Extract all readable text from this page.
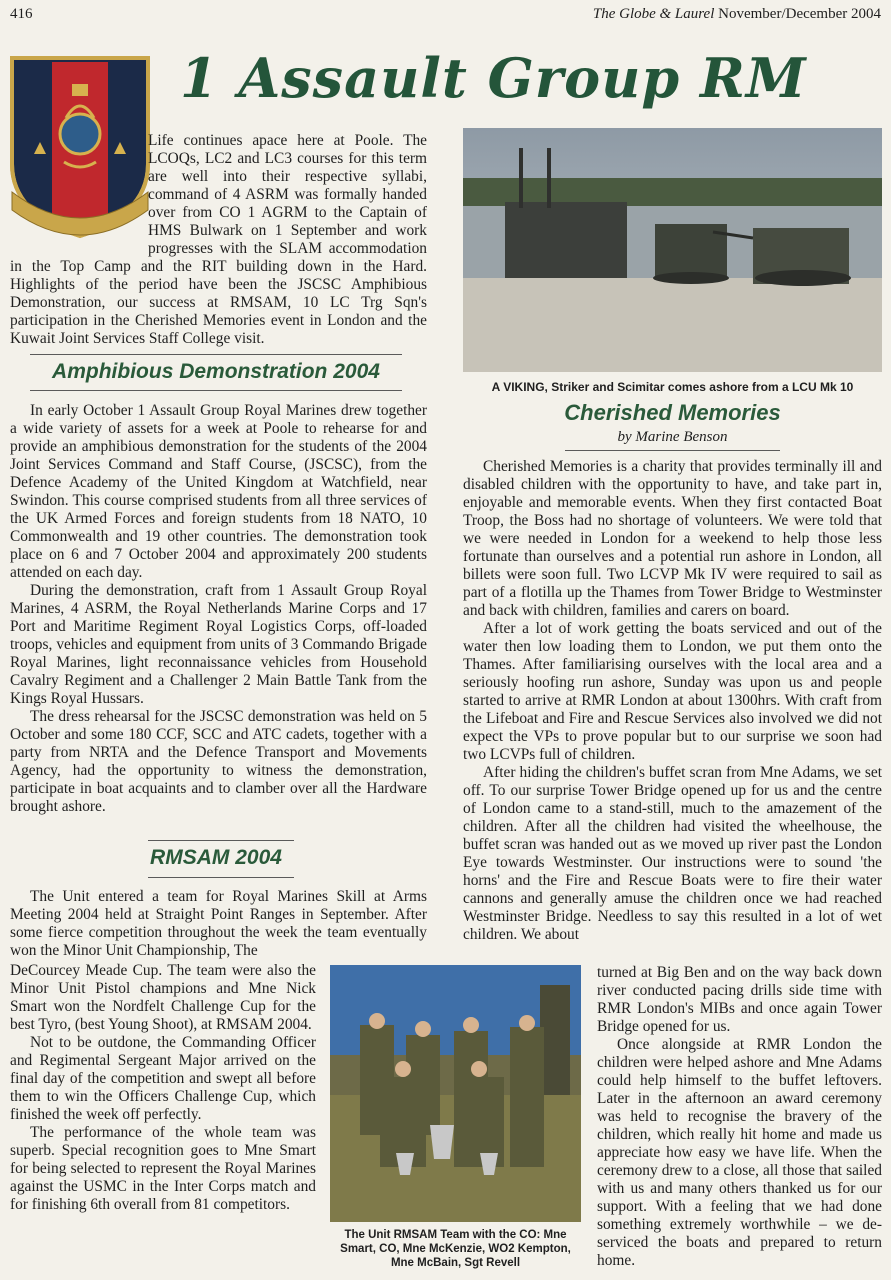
416	The Globe & Laurel November/December 2004
1 Assault Group RM

Life continues apace here at Poole. The LCOQs, LC2 and LC3 courses for this term are well into their respective syllabi, command of 4 ASRM was formally handed over from CO 1 AGRM to the Captain of HMS Bulwark on 1 September and work progresses with the SLAM accommodation in the Top Camp and the RIT building down in the Hard. Highlights of the period have been the JSCSC Amphibious Demonstration, our success at RMSAM, 10 LC Trg Sqn's participation in the Cherished Memories event in London and the Kuwait Joint Services Staff College visit.

Amphibious Demonstration 2004

In early October 1 Assault Group Royal Marines drew together a wide variety of assets for a week at Poole to rehearse for and provide an amphibious demonstration for the students of the 2004 Joint Services Command and Staff Course, (JSCSC), from the Defence Academy of the United Kingdom at Watchfield, near Swindon. This course comprised students from all three services of the UK Armed Forces and foreign students from 18 NATO, 10 Commonwealth and 19 other countries. The demonstration took place on 6 and 7 October 2004 and approximately 200 students attended on each day.

During the demonstration, craft from 1 Assault Group Royal Marines, 4 ASRM, the Royal Netherlands Marine Corps and 17 Port and Maritime Regiment Royal Logistics Corps, off-loaded troops, vehicles and equipment from units of 3 Commando Brigade Royal Marines, light reconnaissance vehicles from Household Cavalry Regiment and a Challenger 2 Main Battle Tank from the Kings Royal Hussars.

The dress rehearsal for the JSCSC demonstration was held on 5 October and some 180 CCF, SCC and ATC cadets, together with a party from NRTA and the Defence Transport and Movements Agency, had the opportunity to witness the demonstration, participate in boat acquaints and to clamber over all the Hardware brought ashore.

RMSAM 2004

The Unit entered a team for Royal Marines Skill at Arms Meeting 2004 held at Straight Point Ranges in September. After some fierce competition throughout the week the team eventually won the Minor Unit Championship, The

DeCourcey Meade Cup. The team were also the Minor Unit Pistol champions and Mne Nick Smart won the Nordfelt Challenge Cup for the best Tyro, (best Young Shoot), at RMSAM 2004.

Not to be outdone, the Commanding Officer and Regimental Sergeant Major arrived on the final day of the competition and swept all before them to win the Officers Challenge Cup, which finished the week off perfectly.

The performance of the whole team was superb. Special recognition goes to Mne Smart for being selected to represent the Royal Marines against the USMC in the Inter Corps match and for finishing 6th overall from 81 competitors.

A VIKING, Striker and Scimitar comes ashore from a LCU Mk 10
Cherished Memories
by Marine Benson

Cherished Memories is a charity that provides terminally ill and disabled children with the opportunity to have, and take part in, enjoyable and memorable events. When they first contacted Boat Troop, the Boss had no shortage of volunteers. We were told that we were needed in London for a weekend to help those less fortunate than ourselves and a potential run ashore in London, all billets were soon full. Two LCVP Mk IV were required to sail as part of a flotilla up the Thames from Tower Bridge to Westminster and back with children, families and carers on board.

After a lot of work getting the boats serviced and out of the water then low loading them to London, we put them onto the Thames. After familiarising ourselves with the local area and a seriously hoofing run ashore, Sunday was upon us and people started to arrive at RMR London at about 1300hrs. With craft from the Lifeboat and Fire and Rescue Services also involved we did not expect the VPs to prove popular but to our surprise we soon had two LCVPs full of children.

After hiding the children's buffet scran from Mne Adams, we set off. To our surprise Tower Bridge opened up for us and the centre of London came to a stand-still, much to the amazement of the children. After all the children had visited the wheelhouse, the buffet scran was handed out as we moved up river past the London Eye towards Westminster. Our instructions were to sound 'the horns' and the Fire and Rescue Boats were to fire their water cannons and generally amuse the children once we had reached Westminster Bridge. Needless to say this resulted in a lot of wet children. We about

turned at Big Ben and on the way back down river conducted pacing drills side time with RMR London's MIBs and once again Tower Bridge opened for us.

Once alongside at RMR London the children were helped ashore and Mne Adams could help himself to the buffet leftovers. Later in the afternoon an award ceremony was held to recognise the bravery of the children, which really hit home and made us appreciate how easy we have life. When the ceremony drew to a close, all those that sailed with us and many others thanked us for our support. With a feeling that we had done something extremely worthwhile – we de-serviced the boats and prepared to return home.

The Unit RMSAM Team with the CO: Mne Smart, CO, Mne McKenzie, WO2 Kempton, Mne McBain, Sgt Revell
